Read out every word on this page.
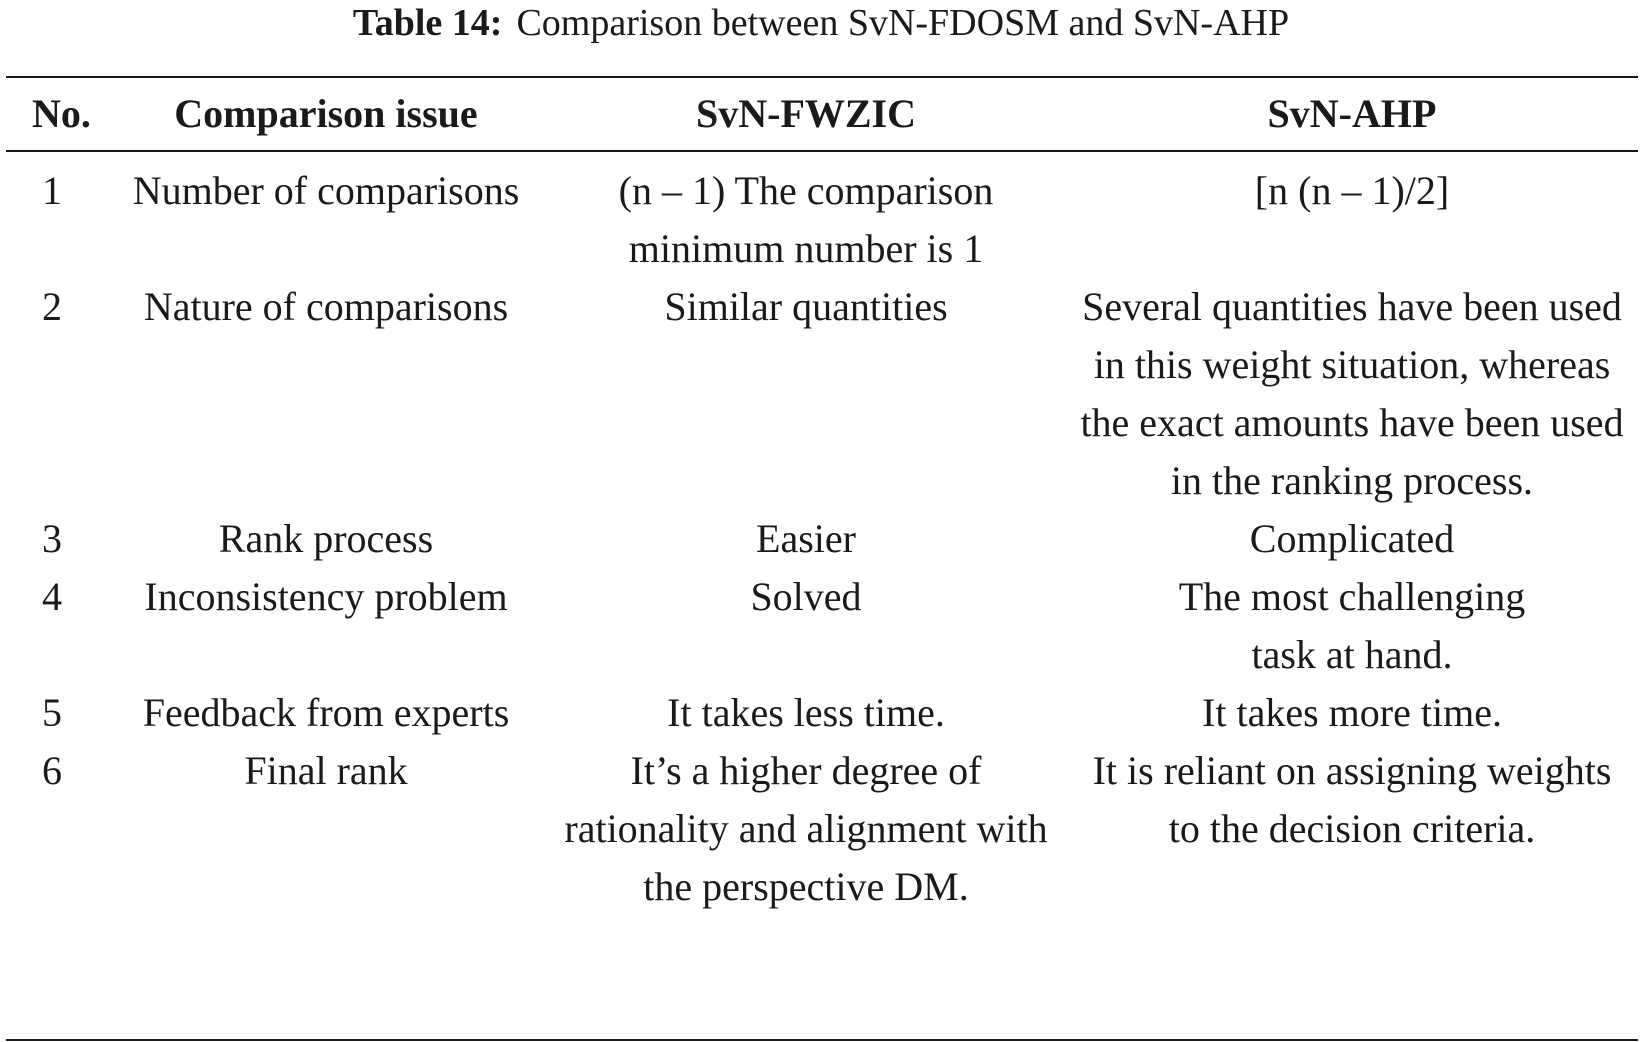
Table 14: Comparison between SvN-FDOSM and SvN-AHP
No.	Comparison issue	SvN-FWZIC	SvN-AHP
1	Number of comparisons	(n – 1) The comparison minimum number is 1	[n (n – 1)/2]
2	Nature of comparisons	Similar quantities	Several quantities have been used in this weight situation, whereas the exact amounts have been used in the ranking process.

3	Rank process	Easier	Complicated
4	Inconsistency problem	Solved	The most challenging task at hand.

5	Feedback from experts	It takes less time.	It takes more time.
6	Final rank	It’s a higher degree of rationality and alignment with the perspective DM.	It is reliant on assigning weights to the decision criteria.
